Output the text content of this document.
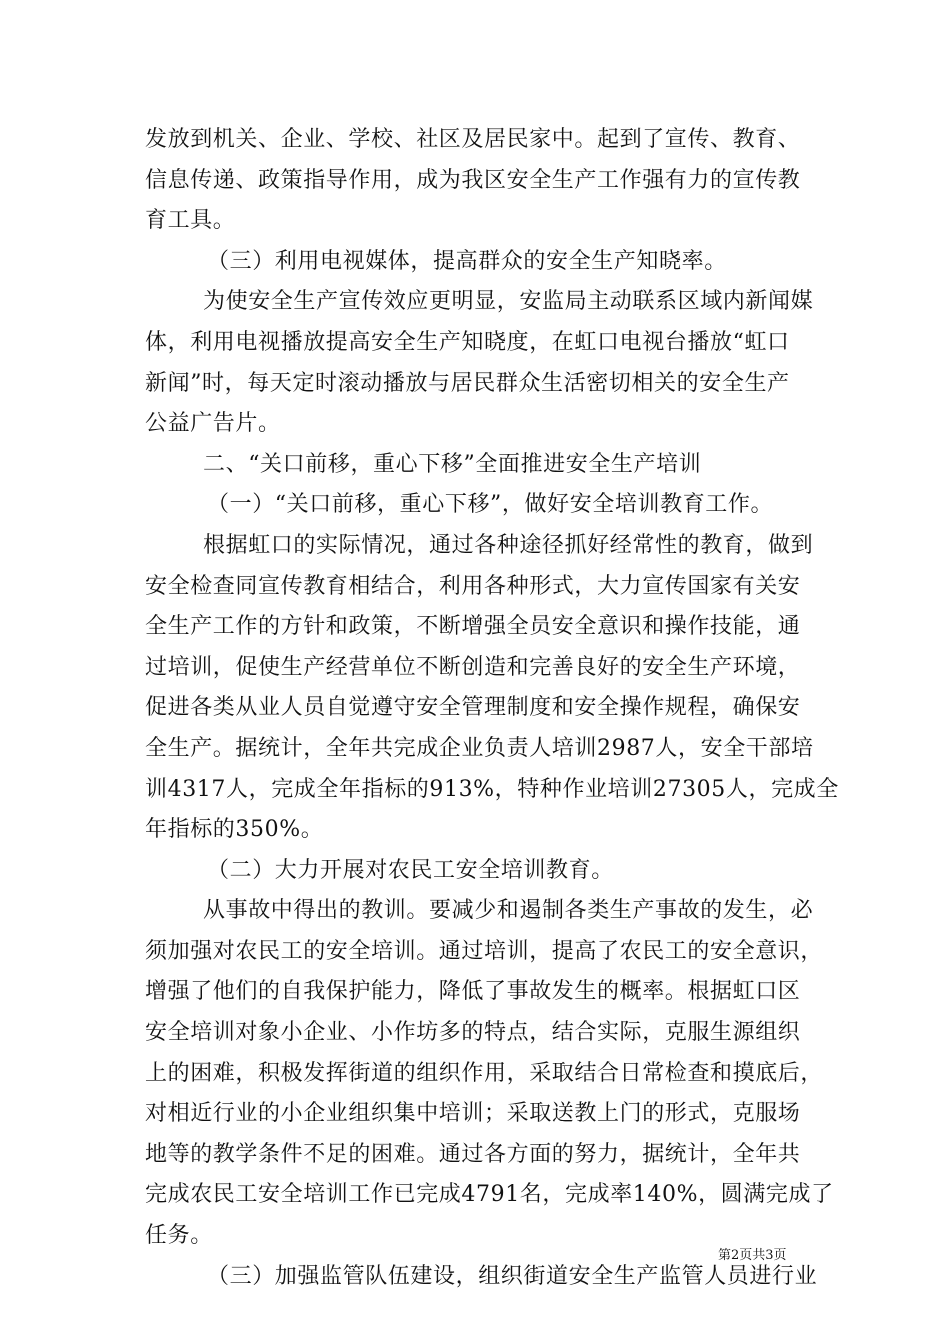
发放到机关、企业、学校、社区及居民家中。起到了宣传、教育、
信息传递、政策指导作用，成为我区安全生产工作强有力的宣传教
育工具。
（三）利用电视媒体，提高群众的安全生产知晓率。
为使安全生产宣传效应更明显，安监局主动联系区域内新闻媒
体，利用电视播放提高安全生产知晓度，在虹口电视台播放“虹口
新闻”时，每天定时滚动播放与居民群众生活密切相关的安全生产
公益广告片。
二、“关口前移，重心下移”全面推进安全生产培训
（一）“关口前移，重心下移”，做好安全培训教育工作。
根据虹口的实际情况，通过各种途径抓好经常性的教育，做到
安全检查同宣传教育相结合，利用各种形式，大力宣传国家有关安
全生产工作的方针和政策，不断增强全员安全意识和操作技能，通
过培训，促使生产经营单位不断创造和完善良好的安全生产环境，
促进各类从业人员自觉遵守安全管理制度和安全操作规程，确保安
全生产。据统计，全年共完成企业负责人培训2987人，安全干部培
训4317人，完成全年指标的913%，特种作业培训27305人，完成全
年指标的350%。
（二）大力开展对农民工安全培训教育。
从事故中得出的教训。要减少和遏制各类生产事故的发生，必
须加强对农民工的安全培训。通过培训，提高了农民工的安全意识，
增强了他们的自我保护能力，降低了事故发生的概率。根据虹口区
安全培训对象小企业、小作坊多的特点，结合实际，克服生源组织
上的困难，积极发挥街道的组织作用，采取结合日常检查和摸底后，
对相近行业的小企业组织集中培训；采取送教上门的形式，克服场
地等的教学条件不足的困难。通过各方面的努力，据统计，全年共
完成农民工安全培训工作已完成4791名，完成率140%，圆满完成了
任务。
（三）加强监管队伍建设，组织街道安全生产监管人员进行业
第2页共3页
